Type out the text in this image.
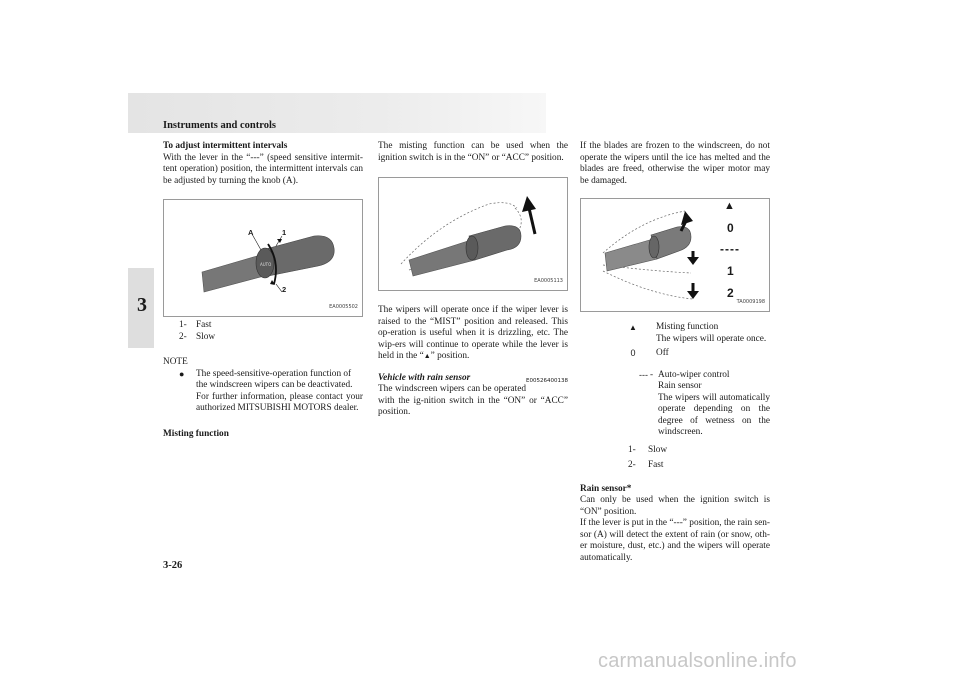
Instruments and controls
3
To adjust intermittent intervals
With the lever in the “---” (speed sensitive intermit-tent operation) position, the intermittent intervals can be adjusted by turning the knob (A).
AUTO
A	1
2
EA0005502
1- Fast
2- Slow
NOTE
●	The speed-sensitive-operation function of the windscreen wipers can be deactivated.
For further information, please contact your authorized MITSUBISHI MOTORS dealer.
Misting function
The misting function can be used when the ignition switch is in the “ON” or “ACC” position.
EA0005113
The wipers will operate once if the wiper lever is raised to the “MIST” position and released. This op-eration is useful when it is drizzling, etc. The wip-ers will continue to operate while the lever is held in the “▲” position.
E00526400138
Vehicle with rain sensor
The windscreen wipers can be operated with the ig-nition switch in the “ON” or “ACC” position.
If the blades are frozen to the windscreen, do not operate the wipers until the ice has melted and the blades are freed, otherwise the wiper motor may be damaged.
▲
0
----
1
2
TA0009198
▲	Misting function
The wipers will operate once.
0	Off
--- - Auto-wiper control
Rain sensor
The wipers will automatically operate depending on the degree of wetness on the windscreen.
1-	Slow
2-	Fast
Rain sensor*
Can only be used when the ignition switch is “ON” position.
If the lever is put in the “---” position, the rain sen-sor (A) will detect the extent of rain (or snow, oth-er moisture, dust, etc.) and the wipers will operate automatically.
3-26
carmanualsonline.info
